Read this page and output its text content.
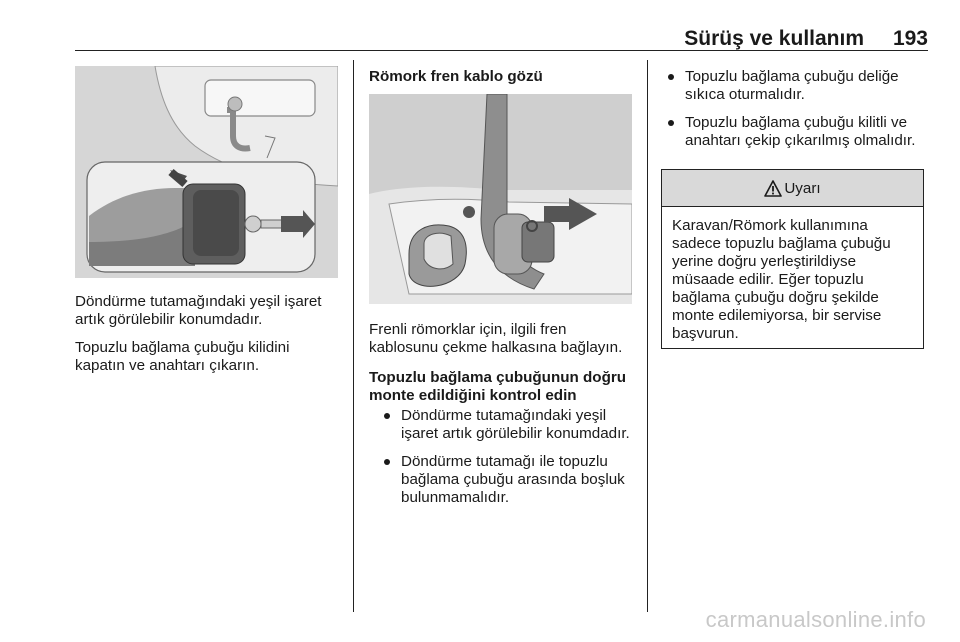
Sürüş ve kullanım	193

Döndürme tutamağındaki yeşil işaret artık görülebilir konumdadır.

Topuzlu bağlama çubuğu kilidini kapatın ve anahtarı çıkarın.

Römork fren kablo gözü

Frenli römorklar için, ilgili fren kablosunu çekme halkasına bağlayın.

Topuzlu bağlama çubuğunun doğru monte edildiğini kontrol edin

Döndürme tutamağındaki yeşil işaret artık görülebilir konumdadır.
Döndürme tutamağı ile topuzlu bağlama çubuğu arasında boşluk bulunmamalıdır.
Topuzlu bağlama çubuğu deliğe sıkıca oturmalıdır.
Topuzlu bağlama çubuğu kilitli ve anahtarı çekip çıkarılmış olmalıdır.
Uyarı
Karavan/Römork kullanımına sadece topuzlu bağlama çubuğu yerine doğru yerleştirildiyse müsaade edilir. Eğer topuzlu bağlama çubuğu doğru şekilde monte edilemiyorsa, bir servise başvurun.
carmanualsonline.info
